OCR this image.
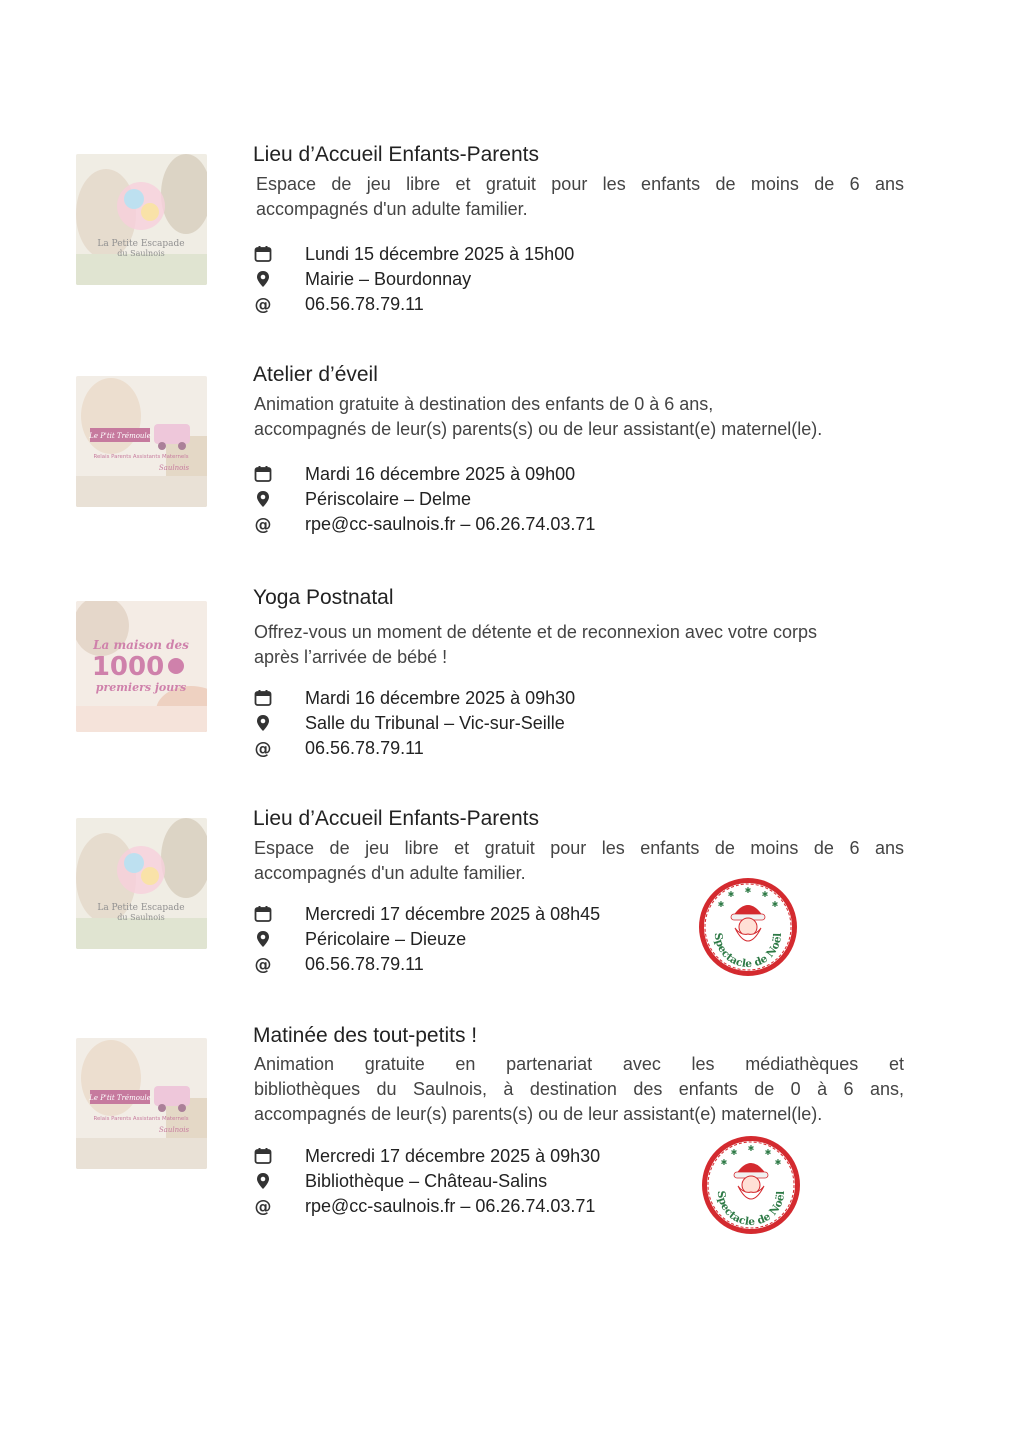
La Petite Escapade
du Saulnois
Lieu d’Accueil Enfants-Parents
Espace de jeu libre et gratuit pour les enfants de moins de 6 ans
accompagnés d'un adulte familier.
Lundi 15 décembre 2025 à 15h00
Mairie – Bourdonnay
@ 06.56.78.79.11
Le P'tit Trémoule
Relais Parents Assistants Maternels
Saulnois
Atelier d’éveil
Animation gratuite à destination des enfants de 0 à 6 ans,
accompagnés de leur(s) parents(s) ou de leur assistant(e) maternel(le).
Mardi 16 décembre 2025 à 09h00
Périscolaire – Delme
@ rpe@cc-saulnois.fr – 06.26.74.03.71
La maison des
1000
premiers jours
Yoga Postnatal
Offrez-vous un moment de détente et de reconnexion avec votre corps
après l’arrivée de bébé !
Mardi 16 décembre 2025 à 09h30
Salle du Tribunal – Vic-sur-Seille
@ 06.56.78.79.11
La Petite Escapade
du Saulnois
Lieu d’Accueil Enfants-Parents
Espace de jeu libre et gratuit pour les enfants de moins de 6 ans
accompagnés d'un adulte familier.
Mercredi 17 décembre 2025 à 08h45
Péricolaire – Dieuze
@ 06.56.78.79.11
✱
✱	✱
✱	✱
Spectacle de Noël
Le P'tit Trémoule
Relais Parents Assistants Maternels
Saulnois
Matinée des tout-petits !
Animation gratuite en partenariat avec les médiathèques et
bibliothèques du Saulnois, à destination des enfants de 0 à 6 ans,
accompagnés de leur(s) parents(s) ou de leur assistant(e) maternel(le).
Mercredi 17 décembre 2025 à 09h30
Bibliothèque – Château-Salins
@ rpe@cc-saulnois.fr – 06.26.74.03.71
✱
✱	✱
✱	✱
Spectacle de Noël
